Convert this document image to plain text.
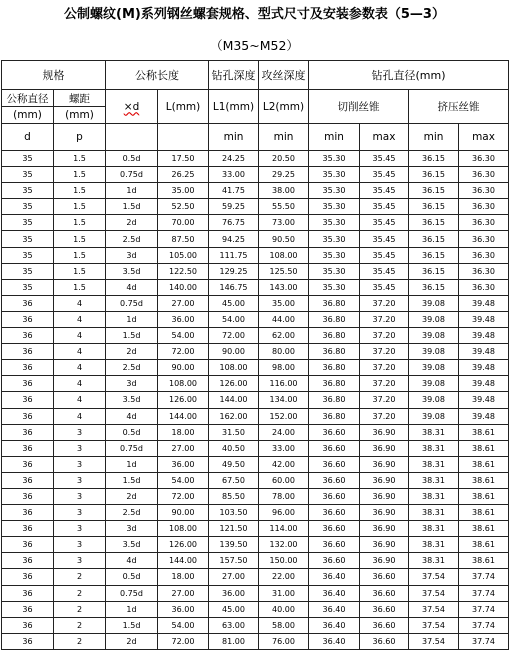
公制螺纹(M)系列钢丝螺套规格、型式尺寸及安装参数表（5—3）
（M35~M52）
规格		公称长度		钻孔深度	攻丝深度	钻孔直径(mm)			
公称直径	螺距	×d	L(mm)	L1(mm)	L2(mm)	切削丝锥		挤压丝锥	
(mm)	(mm)								
d	p			min	min	min	max	min	max
35	1.5	0.5d	17.50	24.25	20.50	35.30	35.45	36.15	36.30
35	1.5	0.75d	26.25	33.00	29.25	35.30	35.45	36.15	36.30
35	1.5	1d	35.00	41.75	38.00	35.30	35.45	36.15	36.30
35	1.5	1.5d	52.50	59.25	55.50	35.30	35.45	36.15	36.30
35	1.5	2d	70.00	76.75	73.00	35.30	35.45	36.15	36.30
35	1.5	2.5d	87.50	94.25	90.50	35.30	35.45	36.15	36.30
35	1.5	3d	105.00	111.75	108.00	35.30	35.45	36.15	36.30
35	1.5	3.5d	122.50	129.25	125.50	35.30	35.45	36.15	36.30
35	1.5	4d	140.00	146.75	143.00	35.30	35.45	36.15	36.30
36	4	0.75d	27.00	45.00	35.00	36.80	37.20	39.08	39.48
36	4	1d	36.00	54.00	44.00	36.80	37.20	39.08	39.48
36	4	1.5d	54.00	72.00	62.00	36.80	37.20	39.08	39.48
36	4	2d	72.00	90.00	80.00	36.80	37.20	39.08	39.48
36	4	2.5d	90.00	108.00	98.00	36.80	37.20	39.08	39.48
36	4	3d	108.00	126.00	116.00	36.80	37.20	39.08	39.48
36	4	3.5d	126.00	144.00	134.00	36.80	37.20	39.08	39.48
36	4	4d	144.00	162.00	152.00	36.80	37.20	39.08	39.48
36	3	0.5d	18.00	31.50	24.00	36.60	36.90	38.31	38.61
36	3	0.75d	27.00	40.50	33.00	36.60	36.90	38.31	38.61
36	3	1d	36.00	49.50	42.00	36.60	36.90	38.31	38.61
36	3	1.5d	54.00	67.50	60.00	36.60	36.90	38.31	38.61
36	3	2d	72.00	85.50	78.00	36.60	36.90	38.31	38.61
36	3	2.5d	90.00	103.50	96.00	36.60	36.90	38.31	38.61
36	3	3d	108.00	121.50	114.00	36.60	36.90	38.31	38.61
36	3	3.5d	126.00	139.50	132.00	36.60	36.90	38.31	38.61
36	3	4d	144.00	157.50	150.00	36.60	36.90	38.31	38.61
36	2	0.5d	18.00	27.00	22.00	36.40	36.60	37.54	37.74
36	2	0.75d	27.00	36.00	31.00	36.40	36.60	37.54	37.74
36	2	1d	36.00	45.00	40.00	36.40	36.60	37.54	37.74
36	2	1.5d	54.00	63.00	58.00	36.40	36.60	37.54	37.74
36	2	2d	72.00	81.00	76.00	36.40	36.60	37.54	37.74
